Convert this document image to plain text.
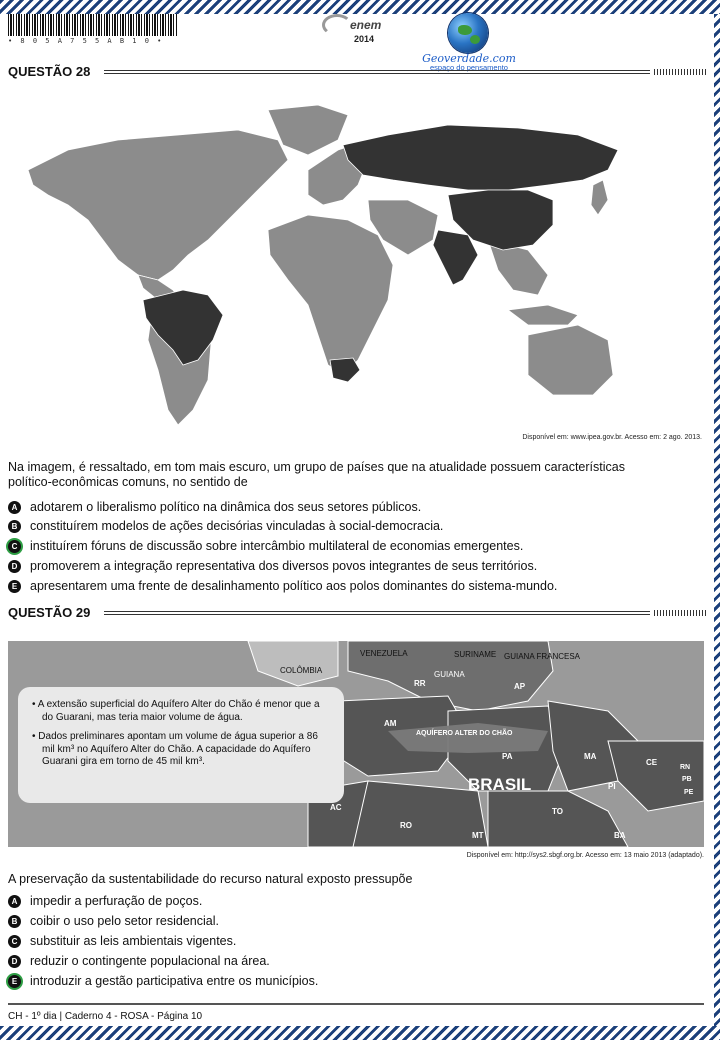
• 8 0 5 A 7 5 5 A B 1 0 •
enem
2014
Geoverdade.com
espaço do pensamento
QUESTÃO 28
Disponível em: www.ipea.gov.br. Acesso em: 2 ago. 2013.
Na imagem, é ressaltado, em tom mais escuro, um grupo de países que na atualidade possuem características
político-econômicas comuns, no sentido de
A adotarem o liberalismo político na dinâmica dos seus setores públicos.
B constituírem modelos de ações decisórias vinculadas à social-democracia.
C instituírem fóruns de discussão sobre intercâmbio multilateral de economias emergentes.
D promoverem a integração representativa dos diversos povos integrantes de seus territórios.
E	apresentarem uma frente de desalinhamento político aos polos dominantes do sistema-mundo.
QUESTÃO 29
VENEZUELA	SURINAME GUIANA FRANCESA
COLÔMBIA	GUIANA
RR	AP
AM
AQUÍFERO ALTER DO CHÃO
PA	MA
CE
RN
PB
PE
PI
BRASIL
AC
RO
TO
MT	BA

• A extensão superficial do Aquífero Alter do Chão é menor que a do Guarani, mas teria maior volume de água.

• Dados preliminares apontam um volume de água superior a 86 mil km³ no Aquífero Alter do Chão. A capacidade do Aquífero Guarani gira em torno de 45 mil km³.

Disponível em: http://sys2.sbgf.org.br. Acesso em: 13 maio 2013 (adaptado).
A preservação da sustentabilidade do recurso natural exposto pressupõe
A impedir a perfuração de poços.
B coibir o uso pelo setor residencial.
C substituir as leis ambientais vigentes.
D reduzir o contingente populacional na área.
E	introduzir a gestão participativa entre os municípios.
CH - 1º dia | Caderno 4 - ROSA - Página 10
